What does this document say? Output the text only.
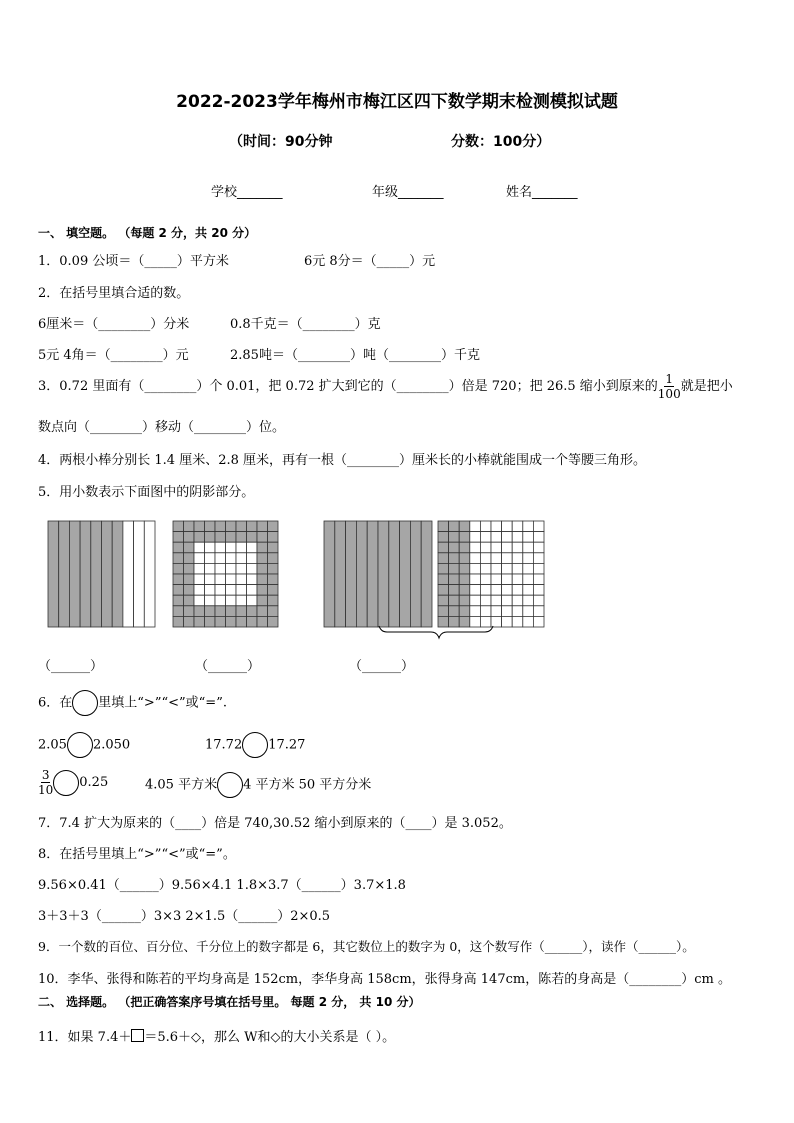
2022-2023学年梅州市梅江区四下数学期末检测模拟试题
（时间：90分钟	分数：100分）
学校_______	年级_______	姓名_______
一、 填空题。 （每题 2 分，共 20 分）
1．0.09 公顷＝（_____）平方米	6元 8分＝（_____）元
2．在括号里填合适的数。
6厘米＝（________）分米	0.8千克＝（________）克
5元 4角＝（________）元	2.85吨＝（________）吨（________）千克
3．0.72 里面有（________）个 0.01，把 0.72 扩大到它的（________）倍是 720；把 26.5 缩小到原来的 $\frac{1}{100}$ 就是把小
数点向（________）移动（________）位。
4．两根小棒分别长 1.4 厘米、2.8 厘米，再有一根（________）厘米长的小棒就能围成一个等腰三角形。
5．用小数表示下面图中的阴影部分。
（______）	（______）	（______）
6．在 里填上“>”“<”或“=”.
2.05 2.050	17.72 17.27
$\frac{3}{10} 0.25$	4.05 平方米 4 平方米 50 平方分米
7．7.4 扩大为原来的（____）倍是 740,30.52 缩小到原来的（____）是 3.052。
8．在括号里填上“>”“<”或“=”。
9.56×0.41（______）9.56×4.1 1.8×3.7（______）3.7×1.8
3＋3＋3（______）3×3 2×1.5（______）2×0.5
9．一个数的百位、百分位、千分位上的数字都是 6，其它数位上的数字为 0，这个数写作（______），读作（______）。
10．李华、张得和陈若的平均身高是 152cm，李华身高 158cm，张得身高 147cm，陈若的身高是（________）cm 。
二、 选择题。 （把正确答案序号填在括号里。 每题 2 分， 共 10 分）
11．如果 7.4＋ ＝5.6＋◇，那么 W和◇的大小关系是（ ）。
